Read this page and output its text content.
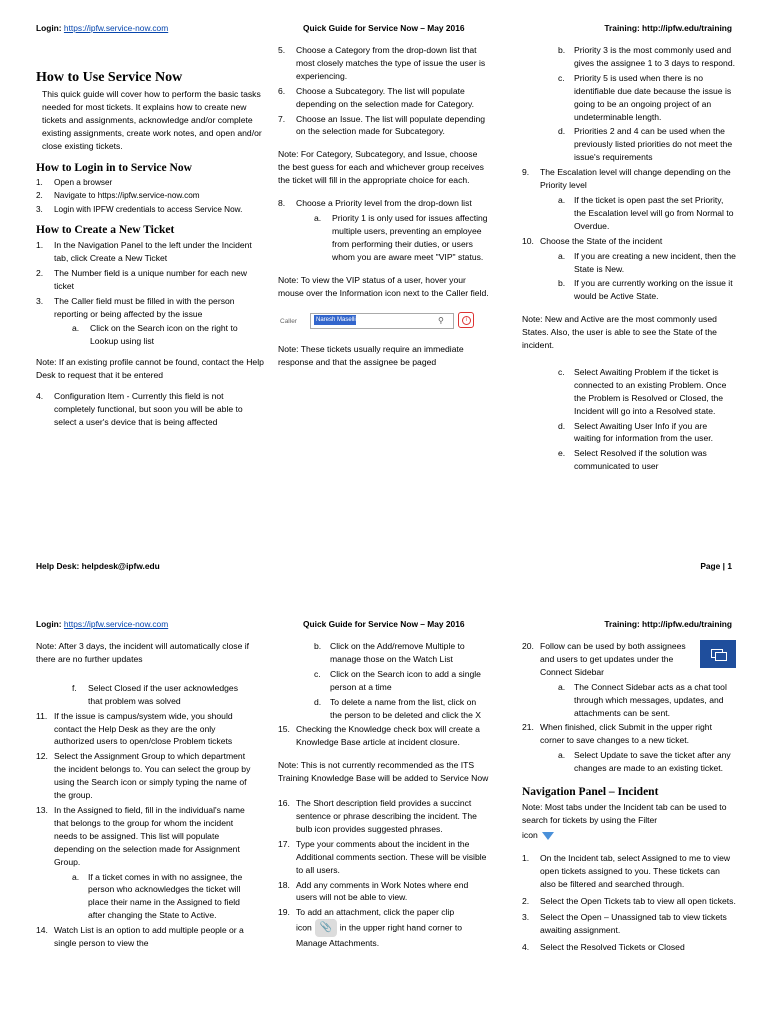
Login: https://ipfw.service-now.com	Quick Guide for Service Now – May 2016	Training: http://ipfw.edu/training
How to Use Service Now

This quick guide will cover how to perform the basic tasks needed for most tickets. It explains how to create new tickets and assignments, acknowledge and/or complete existing assignments, create work notes, and open and/or close existing tickets.

How to Login in to Service Now
1. Open a browser
2. Navigate to https://ipfw.service-now.com
3. Login with IPFW credentials to access Service Now.
How to Create a New Ticket
1. In the Navigation Panel to the left under the Incident tab, click Create a New Ticket
2. The Number field is a unique number for each new ticket
3. The Caller field must be filled in with the person reporting or being affected by the issue
a. Click on the Search icon on the right to Lookup using list

Note: If an existing profile cannot be found, contact the Help Desk to request that it be entered

4. Configuration Item - Currently this field is not completely functional, but soon you will be able to select a user's device that is being affected
5. Choose a Category from the drop-down list that most closely matches the type of issue the user is experiencing.
6. Choose a Subcategory. The list will populate depending on the selection made for Category.
7. Choose an Issue. The list will populate depending on the selection made for Subcategory.

Note: For Category, Subcategory, and Issue, choose the best guess for each and whichever group receives the ticket will fill in the appropriate choice for each.

8. Choose a Priority level from the drop-down list
a. Priority 1 is only used for issues affecting multiple users, preventing an employee from performing their duties, or users whom you are aware meet "VIP" status.

Note: To view the VIP status of a user, hover your mouse over the Information icon next to the Caller field.

Caller	Naresh Maselli	⚲	i

Note: These tickets usually require an immediate response and that the assignee be paged

b. Priority 3 is the most commonly used and gives the assignee 1 to 3 days to respond.
c. Priority 5 is used when there is no identifiable due date because the issue is going to be an ongoing project of an undeterminable length.
d. Priorities 2 and 4 can be used when the previously listed priorities do not meet the issue's requirements
9. The Escalation level will change depending on the Priority level
a. If the ticket is open past the set Priority, the Escalation level will go from Normal to Overdue.
10. Choose the State of the incident
a. If you are creating a new incident, then the State is New.
b. If you are currently working on the issue it would be Active State.

Note: New and Active are the most commonly used States. Also, the user is able to see the State of the incident.

c. Select Awaiting Problem if the ticket is connected to an existing Problem. Once the Problem is Resolved or Closed, the Incident will go into a Resolved state.
d. Select Awaiting User Info if you are waiting for information from the user.
e. Select Resolved if the solution was communicated to user
Help Desk: helpdesk@ipfw.edu	Page | 1
Login: https://ipfw.service-now.com	Quick Guide for Service Now – May 2016	Training: http://ipfw.edu/training

Note: After 3 days, the incident will automatically close if there are no further updates

f. Select Closed if the user acknowledges that problem was solved
11. If the issue is campus/system wide, you should contact the Help Desk as they are the only authorized users to open/close Problem tickets
12. Select the Assignment Group to which department the incident belongs to. You can select the group by using the Search icon or simply typing the name of the group.
13. In the Assigned to field, fill in the individual's name that belongs to the group for whom the incident needs to be assigned. This list will populate depending on the selection made for Assignment Group.
a. If a ticket comes in with no assignee, the person who acknowledges the ticket will place their name in the Assigned to field after changing the State to Active.
14. Watch List is an option to add multiple people or a single person to view the
b. Click on the Add/remove Multiple to manage those on the Watch List
c. Click on the Search icon to add a single person at a time
d. To delete a name from the list, click on the person to be deleted and click the X
15. Checking the Knowledge check box will create a Knowledge Base article at incident closure.

Note: This is not currently recommended as the ITS Training Knowledge Base will be added to Service Now

16. The Short description field provides a succinct sentence or phrase describing the incident. The bulb icon provides suggested phrases.
17. Type your comments about the incident in the Additional comments section. These will be visible to all users.
18. Add any comments in Work Notes where end users will not be able to view.
19. To add an attachment, click the paper clip
icon 📎 in the upper right hand corner to Manage Attachments.
20. Follow can be used by both assignees and users to get updates under the Connect Sidebar
a. The Connect Sidebar acts as a chat tool through which messages, updates, and attachments can be sent.
21. When finished, click Submit in the upper right corner to save changes to a new ticket.
a. Select Update to save the ticket after any changes are made to an existing ticket.
Navigation Panel – Incident

Note: Most tabs under the Incident tab can be used to search for tickets by using the Filter

icon

1. On the Incident tab, select Assigned to me to view open tickets assigned to you. These tickets can also be filtered and searched through.
2. Select the Open Tickets tab to view all open tickets.
3. Select the Open – Unassigned tab to view tickets awaiting assignment.
4. Select the Resolved Tickets or Closed
